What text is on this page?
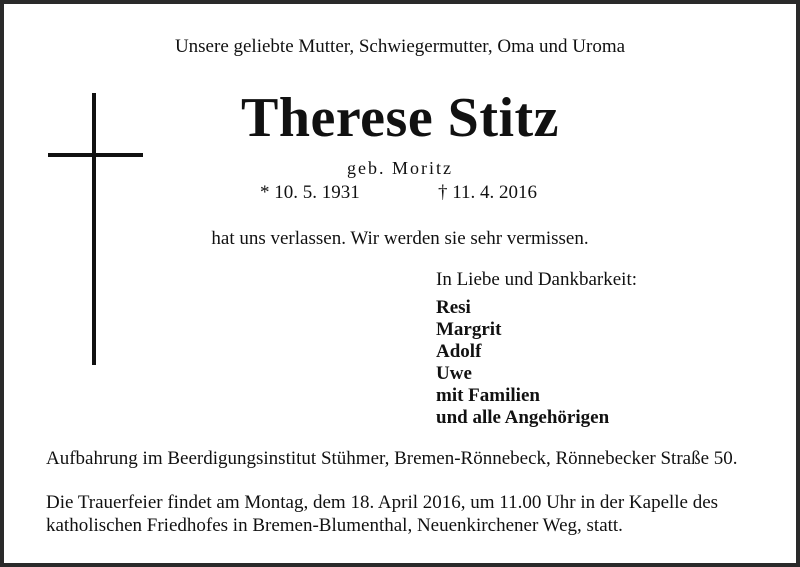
Unsere geliebte Mutter, Schwiegermutter, Oma und Uroma
Therese Stitz
geb. Moritz
* 10. 5. 1931	† 11. 4. 2016
hat uns verlassen. Wir werden sie sehr vermissen.
In Liebe und Dankbarkeit:
Resi
Margrit
Adolf
Uwe
mit Familien
und alle Angehörigen
Aufbahrung im Beerdigungsinstitut Stühmer, Bremen-Rönnebeck, Rönnebecker Straße 50.
Die Trauerfeier findet am Montag, dem 18. April 2016, um 11.00 Uhr in der Kapelle des
katholischen Friedhofes in Bremen-Blumenthal, Neuenkirchener Weg, statt.
